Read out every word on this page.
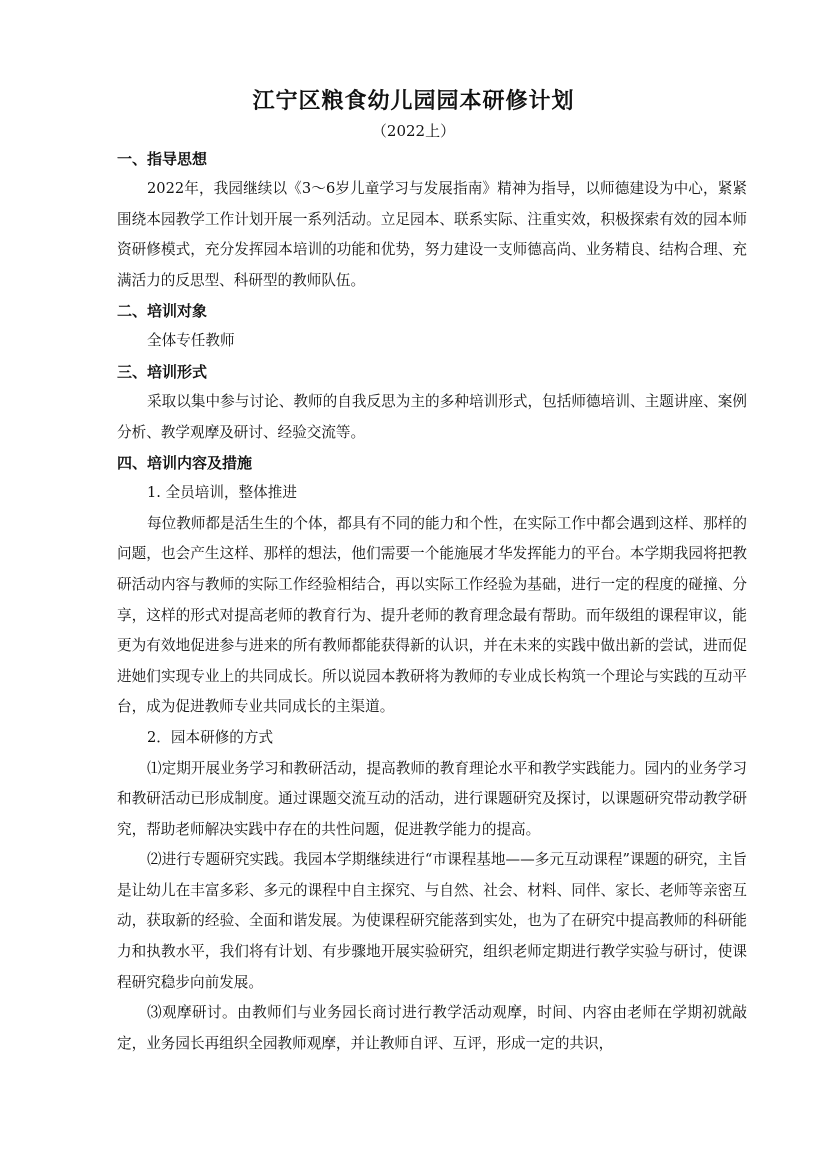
江宁区粮食幼儿园园本研修计划
（2022上）

一、指导思想

2022年，我园继续以《3～6岁儿童学习与发展指南》精神为指导，以师德建设为中心，紧紧围绕本园教学工作计划开展一系列活动。立足园本、联系实际、注重实效，积极探索有效的园本师资研修模式，充分发挥园本培训的功能和优势，努力建设一支师德高尚、业务精良、结构合理、充满活力的反思型、科研型的教师队伍。

二、培训对象

全体专任教师

三、培训形式

采取以集中参与讨论、教师的自我反思为主的多种培训形式，包括师德培训、主题讲座、案例分析、教学观摩及研讨、经验交流等。

四、培训内容及措施

1. 全员培训，整体推进

每位教师都是活生生的个体，都具有不同的能力和个性，在实际工作中都会遇到这样、那样的问题，也会产生这样、那样的想法，他们需要一个能施展才华发挥能力的平台。本学期我园将把教研活动内容与教师的实际工作经验相结合，再以实际工作经验为基础，进行一定的程度的碰撞、分享，这样的形式对提高老师的教育行为、提升老师的教育理念最有帮助。而年级组的课程审议，能更为有效地促进参与进来的所有教师都能获得新的认识，并在未来的实践中做出新的尝试，进而促进她们实现专业上的共同成长。所以说园本教研将为教师的专业成长构筑一个理论与实践的互动平台，成为促进教师专业共同成长的主渠道。

2．园本研修的方式

⑴定期开展业务学习和教研活动，提高教师的教育理论水平和教学实践能力。园内的业务学习和教研活动已形成制度。通过课题交流互动的活动，进行课题研究及探讨，以课题研究带动教学研究，帮助老师解决实践中存在的共性问题，促进教学能力的提高。

⑵进行专题研究实践。我园本学期继续进行“市课程基地——多元互动课程”课题的研究，主旨是让幼儿在丰富多彩、多元的课程中自主探究、与自然、社会、材料、同伴、家长、老师等亲密互动，获取新的经验、全面和谐发展。为使课程研究能落到实处，也为了在研究中提高教师的科研能力和执教水平，我们将有计划、有步骤地开展实验研究，组织老师定期进行教学实验与研讨，使课程研究稳步向前发展。

⑶观摩研讨。由教师们与业务园长商讨进行教学活动观摩，时间、内容由老师在学期初就敲定，业务园长再组织全园教师观摩，并让教师自评、互评，形成一定的共识，
